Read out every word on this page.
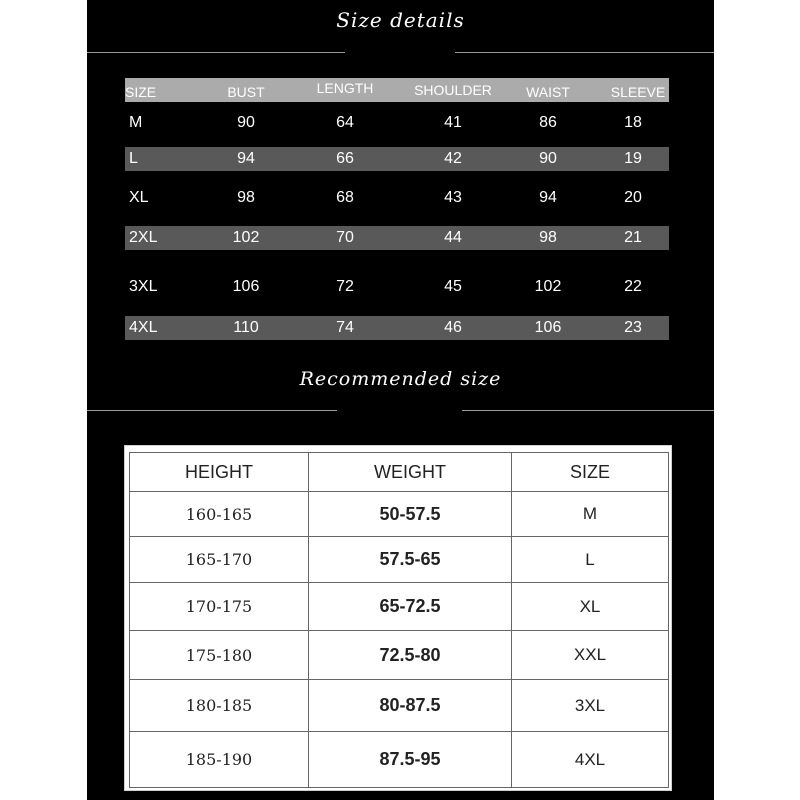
Size details
SIZE	BUST	LENGTH	SHOULDER	WAIST	SLEEVE
M	90	64	41	86	18
L	94	66	42	90	19
XL	98	68	43	94	20
2XL	102	70	44	98	21
3XL	106	72	45	102	22
4XL	110	74	46	106	23
Recommended size
HEIGHT	WEIGHT	SIZE
160-165	50-57.5	M
165-170	57.5-65	L
170-175	65-72.5	XL
175-180	72.5-80	XXL
180-185	80-87.5	3XL
185-190	87.5-95	4XL
